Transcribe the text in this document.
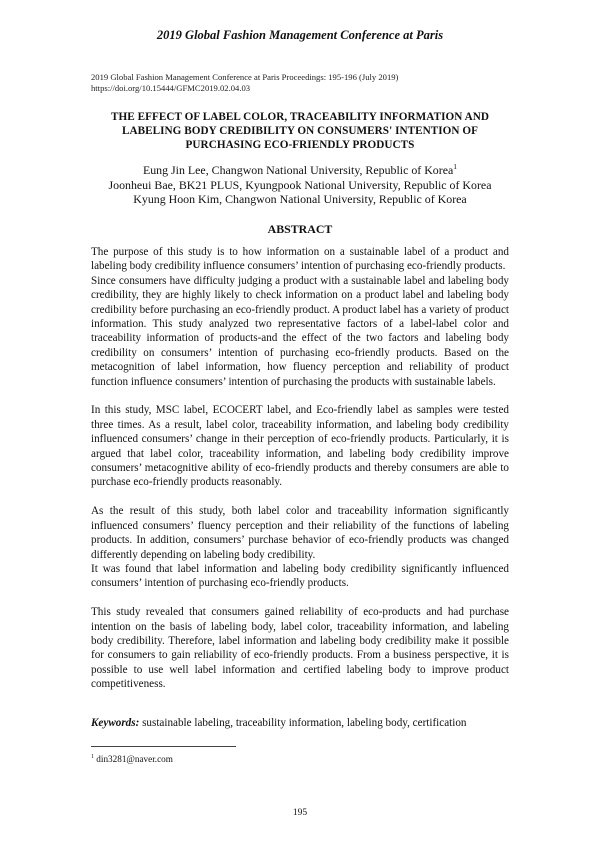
2019 Global Fashion Management Conference at Paris
2019 Global Fashion Management Conference at Paris Proceedings: 195-196 (July 2019)
https://doi.org/10.15444/GFMC2019.02.04.03
THE EFFECT OF LABEL COLOR, TRACEABILITY INFORMATION AND
LABELING BODY CREDIBILITY ON CONSUMERS' INTENTION OF
PURCHASING ECO-FRIENDLY PRODUCTS
Eung Jin Lee, Changwon National University, Republic of Korea$^1$
Joonheui Bae, BK21 PLUS, Kyungpook National University, Republic of Korea
Kyung Hoon Kim, Changwon National University, Republic of Korea
ABSTRACT

The purpose of this study is to how information on a sustainable label of a product and labeling body credibility influence consumers’ intention of purchasing eco-friendly products.

Since consumers have difficulty judging a product with a sustainable label and labeling body credibility, they are highly likely to check information on a product label and labeling body credibility before purchasing an eco-friendly product. A product label has a variety of product information. This study analyzed two representative factors of a label-label color and traceability information of products-and the effect of the two factors and labeling body credibility on consumers’ intention of purchasing eco-friendly products. Based on the metacognition of label information, how fluency perception and reliability of product function influence consumers’ intention of purchasing the products with sustainable labels.

In this study, MSC label, ECOCERT label, and Eco-friendly label as samples were tested three times. As a result, label color, traceability information, and labeling body credibility influenced consumers’ change in their perception of eco-friendly products. Particularly, it is argued that label color, traceability information, and labeling body credibility improve consumers’ metacognitive ability of eco-friendly products and thereby consumers are able to purchase eco-friendly products reasonably.

As the result of this study, both label color and traceability information significantly influenced consumers’ fluency perception and their reliability of the functions of labeling products. In addition, consumers’ purchase behavior of eco-friendly products was changed differently depending on labeling body credibility.

It was found that label information and labeling body credibility significantly influenced consumers’ intention of purchasing eco-friendly products.

This study revealed that consumers gained reliability of eco-products and had purchase intention on the basis of labeling body, label color, traceability information, and labeling body credibility. Therefore, label information and labeling body credibility make it possible for consumers to gain reliability of eco-friendly products. From a business perspective, it is possible to use well label information and certified labeling body to improve product competitiveness.

Keywords: sustainable labeling, traceability information, labeling body, certification
$^1$ din3281@naver.com
195
